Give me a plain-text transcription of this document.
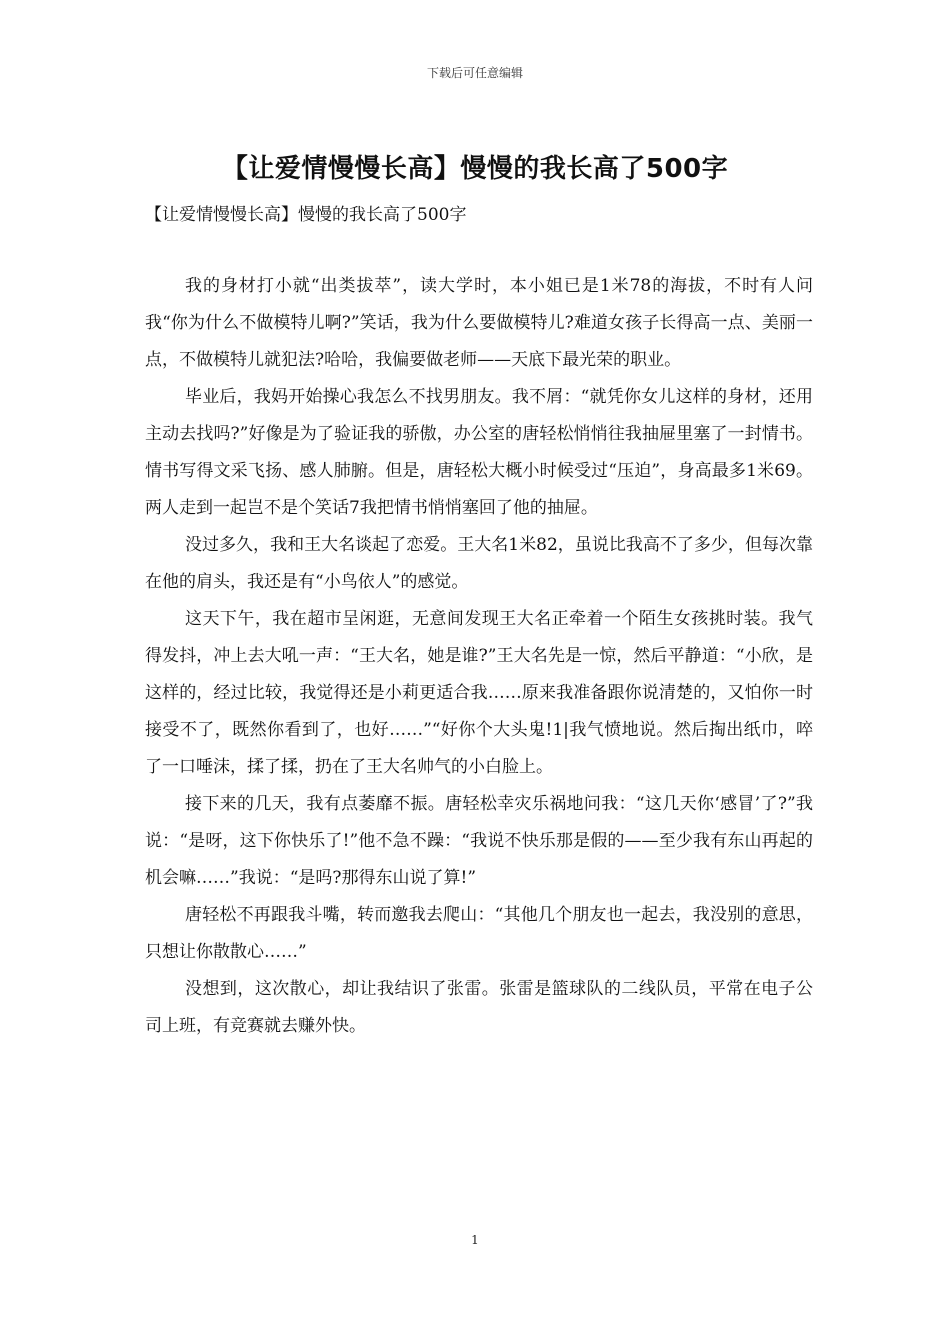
下载后可任意编辑
【让爱情慢慢长高】慢慢的我长高了500字

【让爱情慢慢长高】慢慢的我长高了500字

我的身材打小就“出类拔萃”，读大学时，本小姐已是1米78的海拔，不时有人问我“你为什么不做模特儿啊?”笑话，我为什么要做模特儿?难道女孩子长得高一点、美丽一点，不做模特儿就犯法?哈哈，我偏要做老师——天底下最光荣的职业。

毕业后，我妈开始操心我怎么不找男朋友。我不屑：“就凭你女儿这样的身材，还用主动去找吗?”好像是为了验证我的骄傲，办公室的唐轻松悄悄往我抽屉里塞了一封情书。情书写得文采飞扬、感人肺腑。但是，唐轻松大概小时候受过“压迫”，身高最多1米69。两人走到一起岂不是个笑话7我把情书悄悄塞回了他的抽屉。

没过多久，我和王大名谈起了恋爱。王大名1米82，虽说比我高不了多少，但每次靠在他的肩头，我还是有“小鸟依人”的感觉。

这天下午，我在超市呈闲逛，无意间发现王大名正牵着一个陌生女孩挑时装。我气得发抖，冲上去大吼一声：“王大名，她是谁?”王大名先是一惊，然后平静道：“小欣，是这样的，经过比较，我觉得还是小莉更适合我……原来我准备跟你说清楚的，又怕你一时接受不了，既然你看到了，也好……”“好你个大头鬼!1|我气愤地说。然后掏出纸巾，啐了一口唾沫，揉了揉，扔在了王大名帅气的小白脸上。

接下来的几天，我有点萎靡不振。唐轻松幸灾乐祸地问我：“这几天你‘感冒’了?”我说：“是呀，这下你快乐了!”他不急不躁：“我说不快乐那是假的——至少我有东山再起的机会嘛……”我说：“是吗?那得东山说了算!”

唐轻松不再跟我斗嘴，转而邀我去爬山：“其他几个朋友也一起去，我没别的意思，只想让你散散心……”

没想到，这次散心，却让我结识了张雷。张雷是篮球队的二线队员，平常在电子公司上班，有竞赛就去赚外快。

1
